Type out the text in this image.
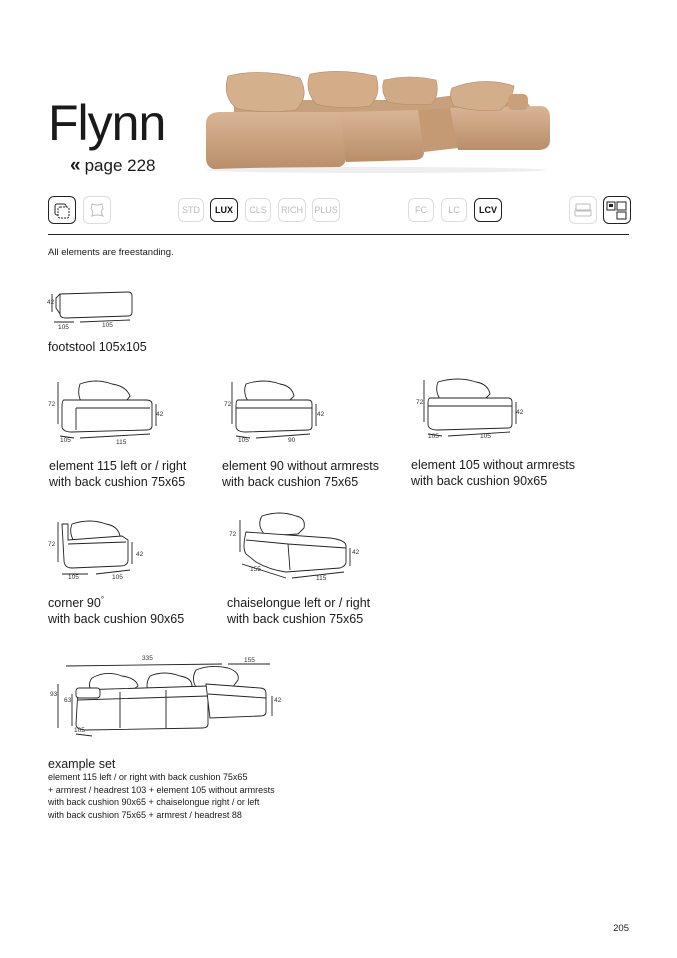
Flynn
« page 228
STD	LUX	CLS	RICH	PLUS	FC	LC	LCV
All elements are freestanding.
42
105	105
footstool 105x105
72
42
105	115
element 115 left or / right
with back cushion 75x65
72
42
105	90
element 90 without armrests
with back cushion 75x65
72
42
105	105
element 105 without armrests
with back cushion 90x65
72
42
105	105
corner 90°
with back cushion 90x65
72
42
155
115
chaiselongue left or / right
with back cushion 75x65
335	155
93
63	42
105
example set
element 115 left / or right with back cushion 75x65
+ armrest / headrest 103 + element 105 without armrests
with back cushion 90x65 + chaiselongue right / or left
with back cushion 75x65 + armrest / headrest 88
205
